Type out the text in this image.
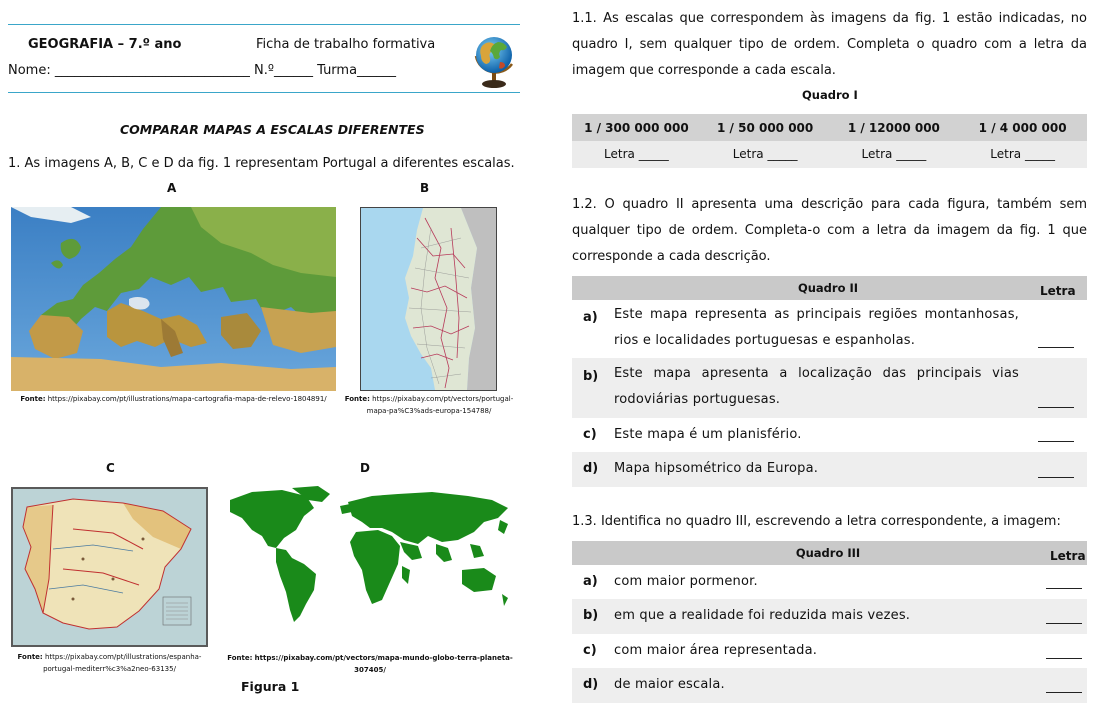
GEOGRAFIA – 7.º ano	Ficha de trabalho formativa
Nome: ______________________________ N.º______ Turma______
COMPARAR MAPAS A ESCALAS DIFERENTES
1. As imagens A, B, C e D da fig. 1 representam Portugal a diferentes escalas.
A
Fonte: https://pixabay.com/pt/illustrations/mapa-cartografia-mapa-de-relevo-1804891/
B
Fonte: https://pixabay.com/pt/vectors/portugal-mapa-pa%C3%ads-europa-154788/
C
Fonte: https://pixabay.com/pt/illustrations/espanha-portugal-mediterr%c3%a2neo-63135/
D
Fonte: https://pixabay.com/pt/vectors/mapa-mundo-globo-terra-planeta-307405/
Figura 1
1.1. As escalas que correspondem às imagens da fig. 1 estão indicadas, no quadro I, sem qualquer tipo de ordem. Completa o quadro com a letra da imagem que corresponde a cada escala.
Quadro I
1 / 300 000 000	1 / 50 000 000	1 / 12000 000	1 / 4 000 000
Letra _____	Letra _____	Letra _____	Letra _____
1.2. O quadro II apresenta uma descrição para cada figura, também sem qualquer tipo de ordem. Completa-o com a letra da imagem da fig. 1 que corresponde a cada descrição.
Quadro II	Letra
a) Este mapa representa as principais regiões montanhosas, rios e localidades portuguesas e espanholas.
b) Este mapa apresenta a localização das principais vias rodoviárias portuguesas.
c) Este mapa é um planisfério.
d) Mapa hipsométrico da Europa.
1.3. Identifica no quadro III, escrevendo a letra correspondente, a imagem:
Quadro III	Letra
a) com maior pormenor.
b) em que a realidade foi reduzida mais vezes.
c) com maior área representada.
d) de maior escala.
